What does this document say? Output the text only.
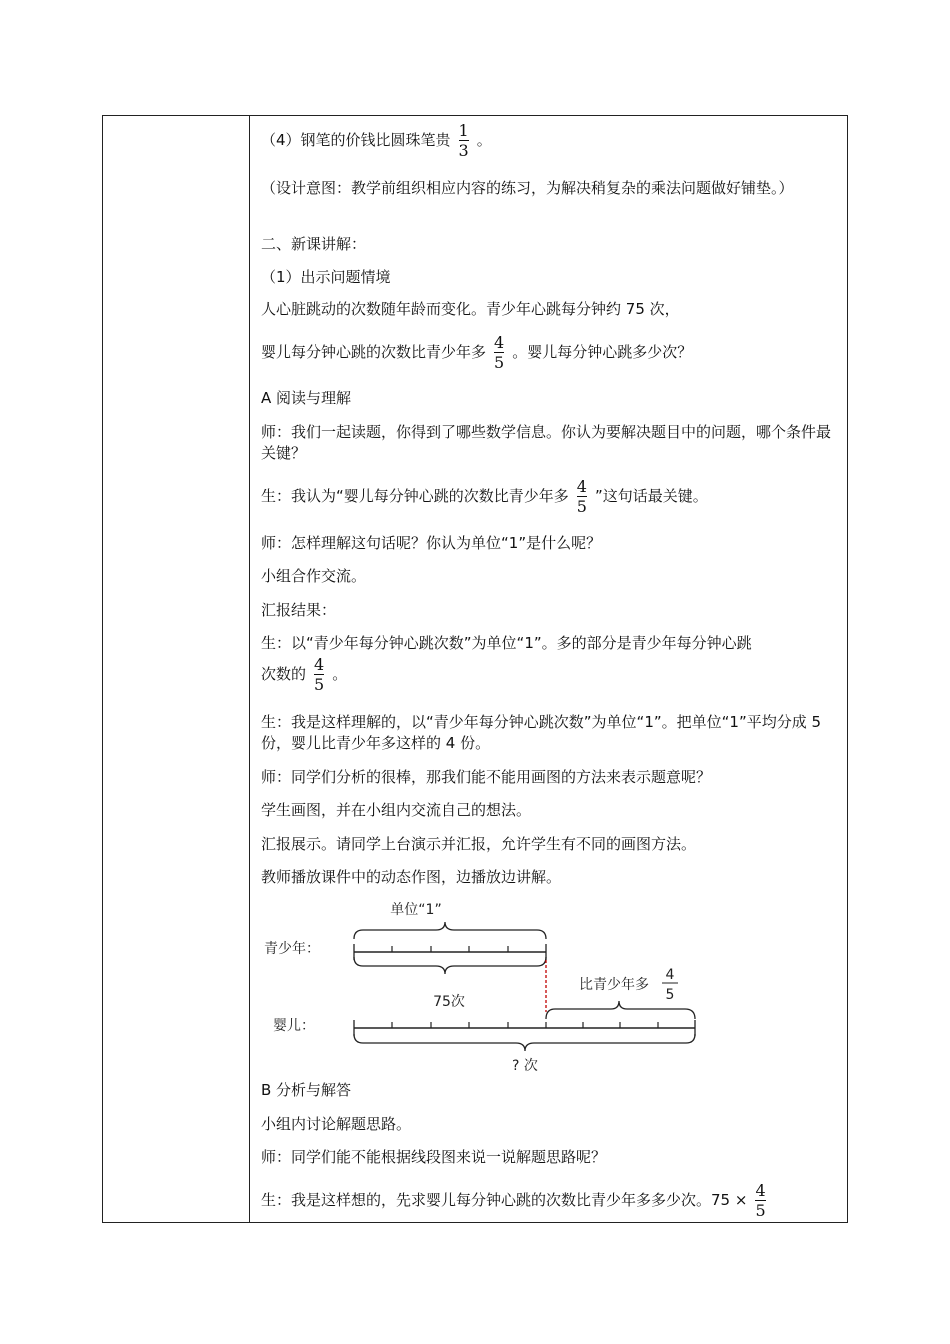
（4）钢笔的价钱比圆珠笔贵 $\frac{1}{3}$ 。
（设计意图：教学前组织相应内容的练习，为解决稍复杂的乘法问题做好铺垫。）
二、新课讲解：
（1）出示问题情境
人心脏跳动的次数随年龄而变化。青少年心跳每分钟约 75 次，
婴儿每分钟心跳的次数比青少年多 $\frac{4}{5}$ 。婴儿每分钟心跳多少次？
A 阅读与理解
师：我们一起读题，你得到了哪些数学信息。你认为要解决题目中的问题，哪个条件最关键？
生：我认为“婴儿每分钟心跳的次数比青少年多 $\frac{4}{5}$ ”这句话最关键。
师：怎样理解这句话呢？你认为单位“1”是什么呢？
小组合作交流。
汇报结果：
生：以“青少年每分钟心跳次数”为单位“1”。多的部分是青少年每分钟心跳
次数的 $\frac{4}{5}$ 。
生：我是这样理解的，以“青少年每分钟心跳次数”为单位“1”。把单位“1”平均分成 5 份，婴儿比青少年多这样的 4 份。
师：同学们分析的很棒，那我们能不能用画图的方法来表示题意呢？
学生画图，并在小组内交流自己的想法。
汇报展示。请同学上台演示并汇报，允许学生有不同的画图方法。
教师播放课件中的动态作图，边播放边讲解。
单位“1”
青少年：
75次
比青少年多
4
5
婴儿：
? 次
B 分析与解答
小组内讨论解题思路。
师：同学们能不能根据线段图来说一说解题思路呢？
生：我是这样想的，先求婴儿每分钟心跳的次数比青少年多多少次。$75 \times \frac{4}{5}$
